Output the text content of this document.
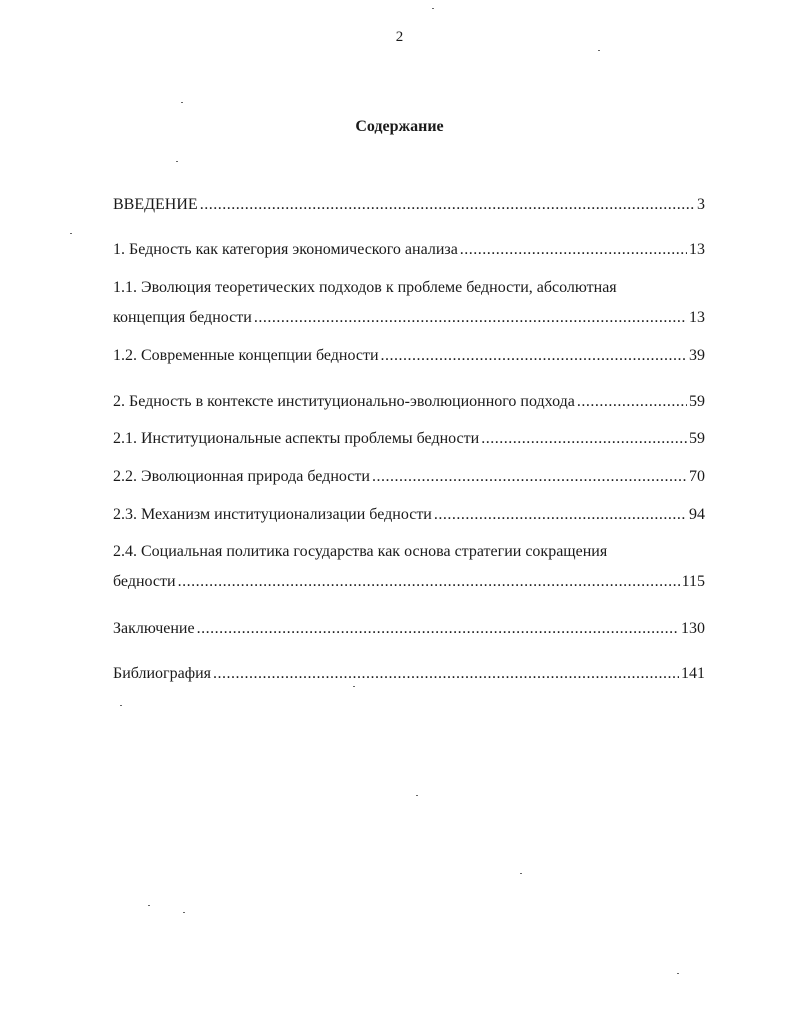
2
Содержание
ВВЕДЕНИЕ .....	3
1. Бедность как категория экономического анализа .....	13
1.1. Эволюция теоретических подходов к проблеме бедности, абсолютная
концепция бедности .....	13
1.2. Современные концепции бедности .....	39
2. Бедность в контексте институционально-эволюционного подхода .....	59
2.1. Институциональные аспекты проблемы бедности .....	59
2.2. Эволюционная природа бедности .....	70
2.3. Механизм институционализации бедности .....	94
2.4. Социальная политика государства как основа стратегии сокращения
бедности .....	115
Заключение .....	130
Библиография .....	141
